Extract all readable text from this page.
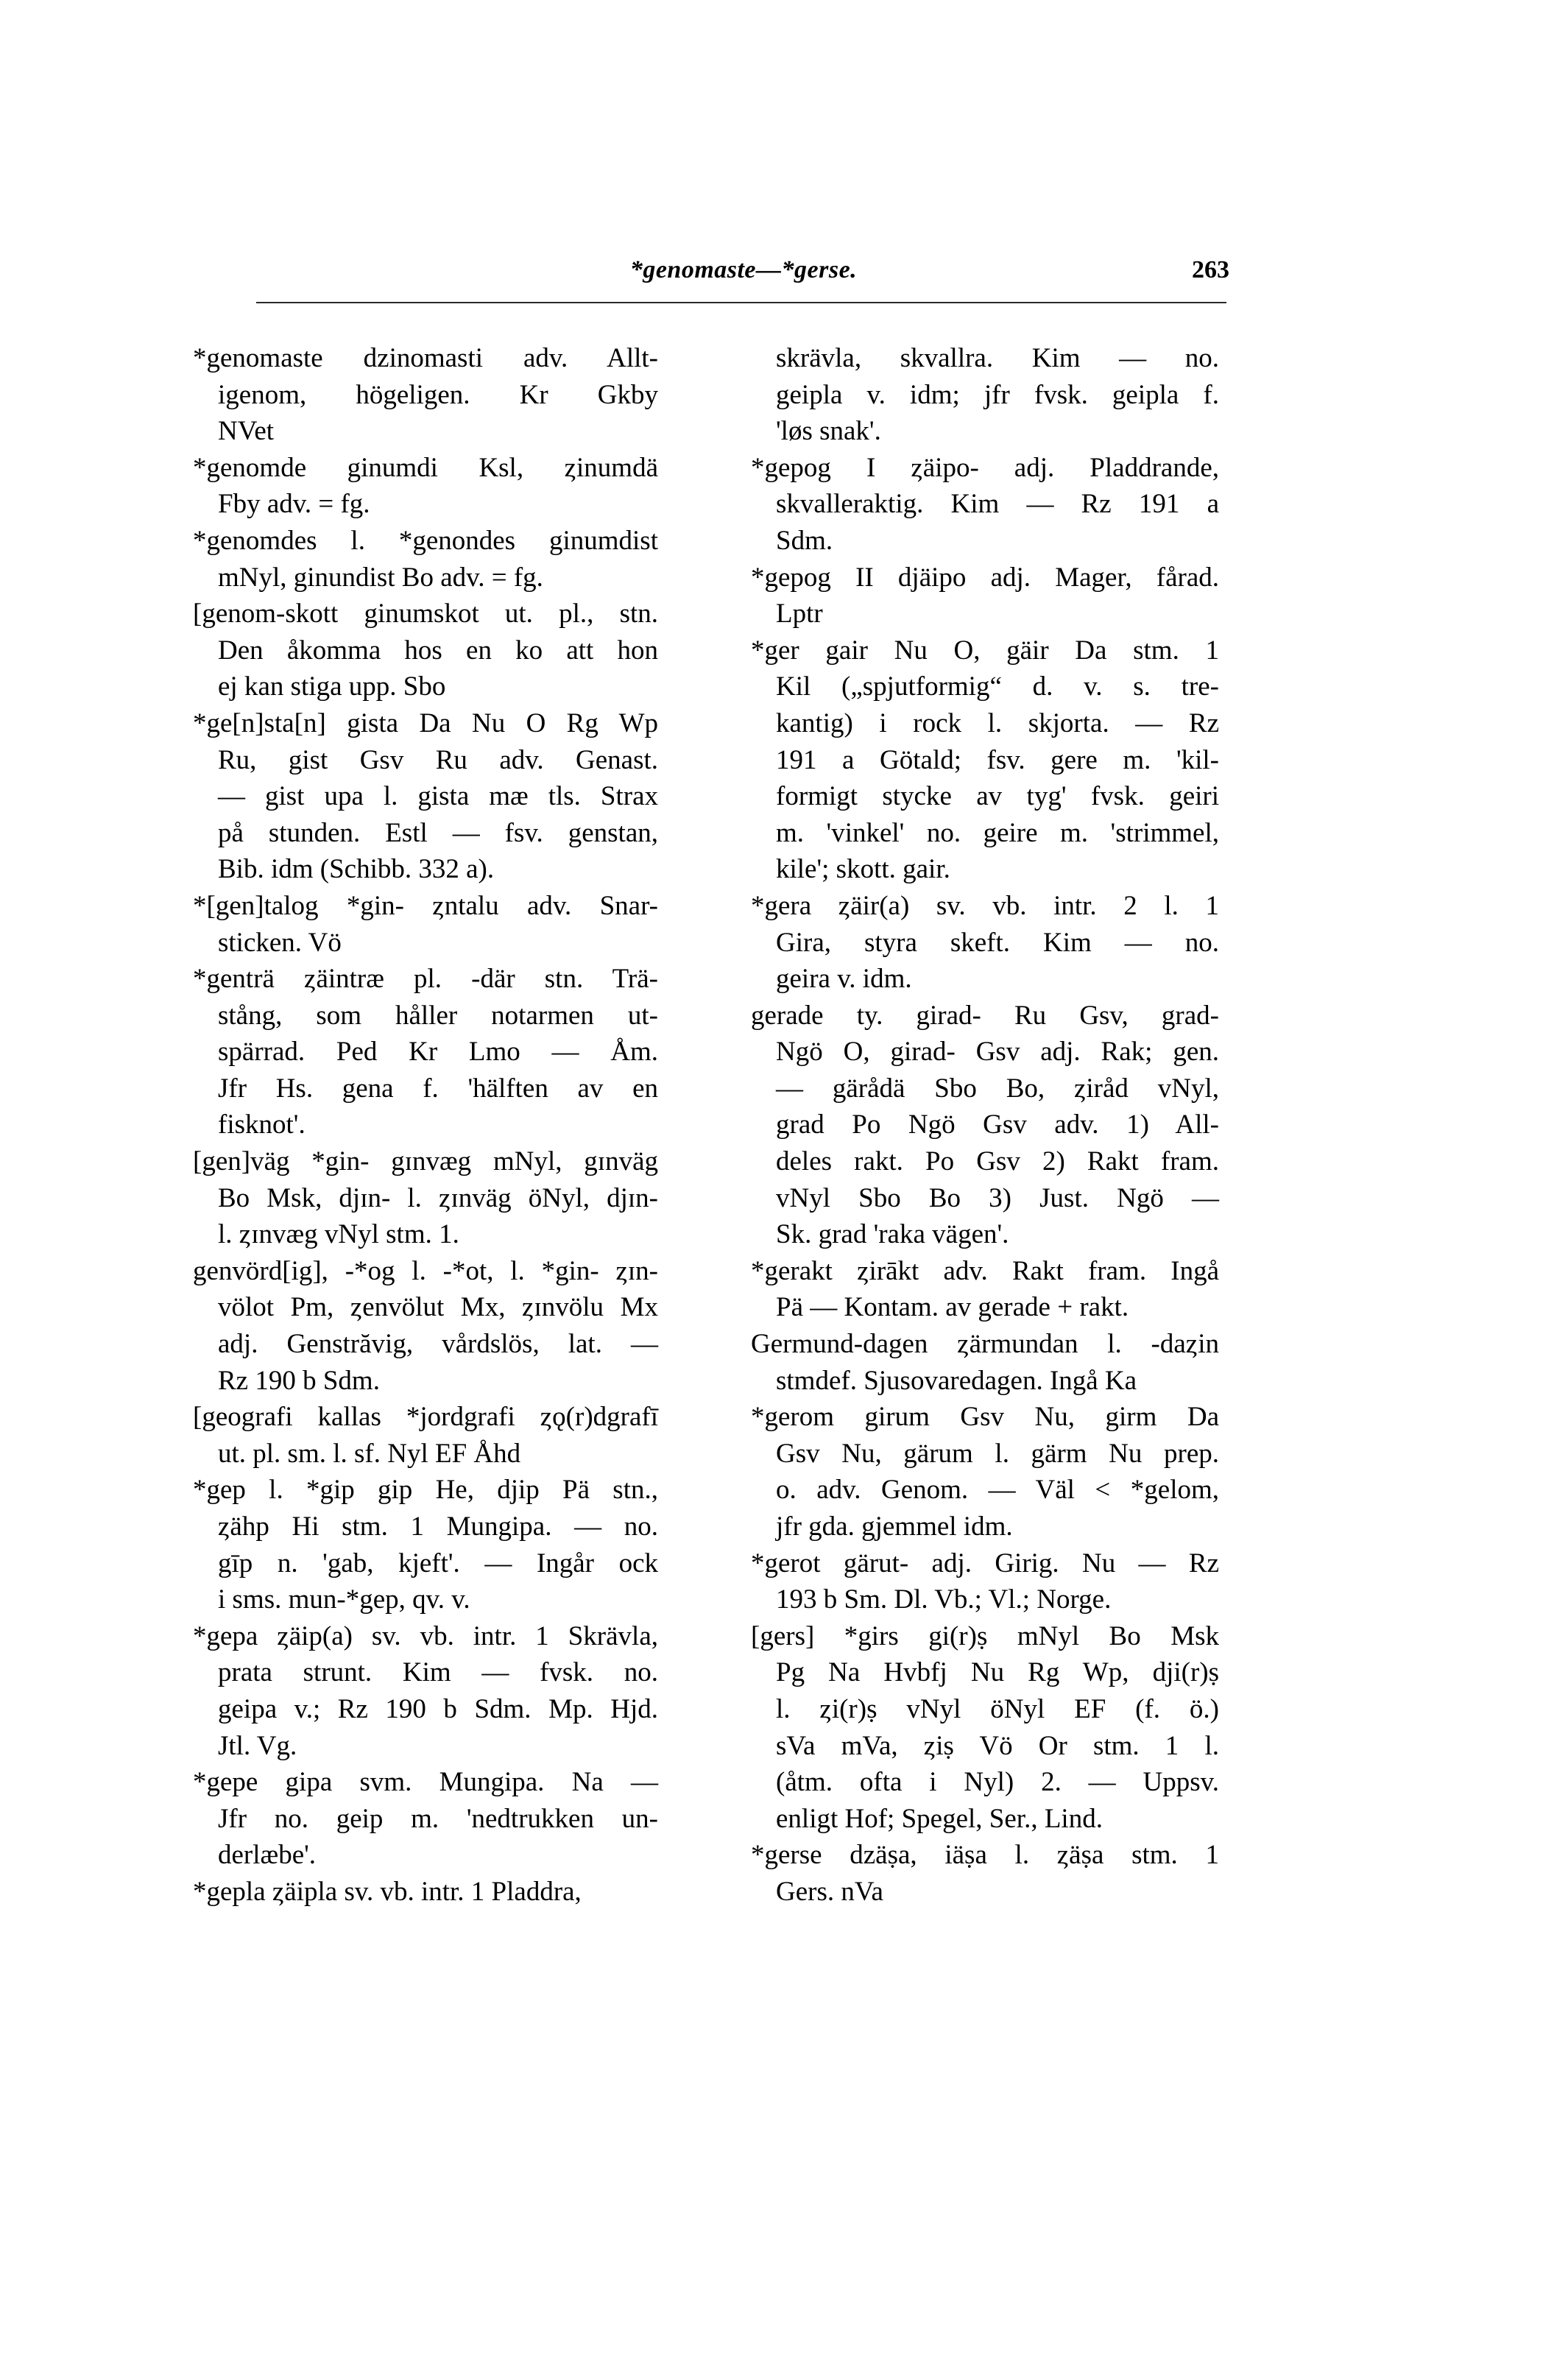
*genomaste—*gerse.	263
*genomaste dzinomasti adv. Allt-
igenom, högeligen. Kr Gkby
NVet
*genomde ginumdi Ksl, ȥinumdä
Fby adv. = fg.
*genomdes l. *genondes ginumdist
mNyl, ginundist Bo adv. = fg.
[genom-skott ginumskot ut. pl., stn.
Den åkomma hos en ko att hon
ej kan stiga upp. Sbo
*ge[n]sta[n] gista Da Nu O Rg Wp
Ru, gist Gsv Ru adv. Genast.
— gist upa l. gista mæ tls. Strax
på stunden. Estl — fsv. genstan,
Bib. idm (Schibb. 332 a).
*[gen]talog *gin- ȥntalu adv. Snar-
sticken. Vö
*genträ ȥäintræ pl. -där stn. Trä-
stång, som håller notarmen ut-
spärrad. Ped Kr Lmo — Åm.
Jfr Hs. gena f. 'hälften av en
fisknot'.
[gen]väg *gin- gɪnvæg mNyl, gɪnväg
Bo Msk, djɪn- l. ȥɪnväg öNyl, djɪn-
l. ȥɪnvæg vNyl stm. 1.
genvörd[ig], -*og l. -*ot, l. *gin- ȥɪn-
völot Pm, ȥenvölut Mx, ȥɪnvölu Mx
adj. Genstrăvig, vårdslös, lat. —
Rz 190 b Sdm.
[geografi kallas *jordgrafi ȥǫ(r)dgrafī
ut. pl. sm. l. sf. Nyl EF Åhd
*gep l. *gip gip He, djip Pä stn.,
ȥähp Hi stm. 1 Mungipa. — no.
gīp n. 'gab, kjeft'. — Ingår ock
i sms. mun-*gep, qv. v.
*gepa ȥäip(a) sv. vb. intr. 1 Skrävla,
prata strunt. Kim — fvsk. no.
geipa v.; Rz 190 b Sdm. Mp. Hjd.
Jtl. Vg.
*gepe gipa svm. Mungipa. Na —
Jfr no. geip m. 'nedtrukken un-
derlæbe'.
*gepla ȥäipla sv. vb. intr. 1 Pladdra,
skrävla, skvallra. Kim — no.
geipla v. idm; jfr fvsk. geipla f.
'løs snak'.
*gepog I ȥäipo- adj. Pladdrande,
skvalleraktig. Kim — Rz 191 a
Sdm.
*gepog II djäipo adj. Mager, fårad.
Lptr
*ger gair Nu O, gäir Da stm. 1
Kil („spjutformig“ d. v. s. tre-
kantig) i rock l. skjorta. — Rz
191 a Götald; fsv. gere m. 'kil-
formigt stycke av tyg' fvsk. geiri
m. 'vinkel' no. geire m. 'strimmel,
kile'; skott. gair.
*gera ȥäir(a) sv. vb. intr. 2 l. 1
Gira, styra skeft. Kim — no.
geira v. idm.
gerade ty. girad- Ru Gsv, grad-
Ngö O, girad- Gsv adj. Rak; gen.
— gärådä Sbo Bo, ȥiråd vNyl,
grad Po Ngö Gsv adv. 1) All-
deles rakt. Po Gsv 2) Rakt fram.
vNyl Sbo Bo 3) Just. Ngö —
Sk. grad 'raka vägen'.
*gerakt ȥirākt adv. Rakt fram. Ingå
Pä — Kontam. av gerade + rakt.
Germund-dagen ȥärmundan l. -daȥin
stmdef. Sjusovaredagen. Ingå Ka
*gerom girum Gsv Nu, girm Da
Gsv Nu, gärum l. gärm Nu prep.
o. adv. Genom. — Väl < *gelom,
jfr gda. gjemmel idm.
*gerot gärut- adj. Girig. Nu — Rz
193 b Sm. Dl. Vb.; Vl.; Norge.
[gers] *girs gi(r)ṣ mNyl Bo Msk
Pg Na Hvbfj Nu Rg Wp, dji(r)ṣ
l. ȥi(r)ṣ vNyl öNyl EF (f. ö.)
sVa mVa, ȥiṣ Vö Or stm. 1 l.
(åtm. ofta i Nyl) 2. — Uppsv.
enligt Hof; Spegel, Ser., Lind.
*gerse dzäṣa, iäṣa l. ȥäṣa stm. 1
Gers. nVa
